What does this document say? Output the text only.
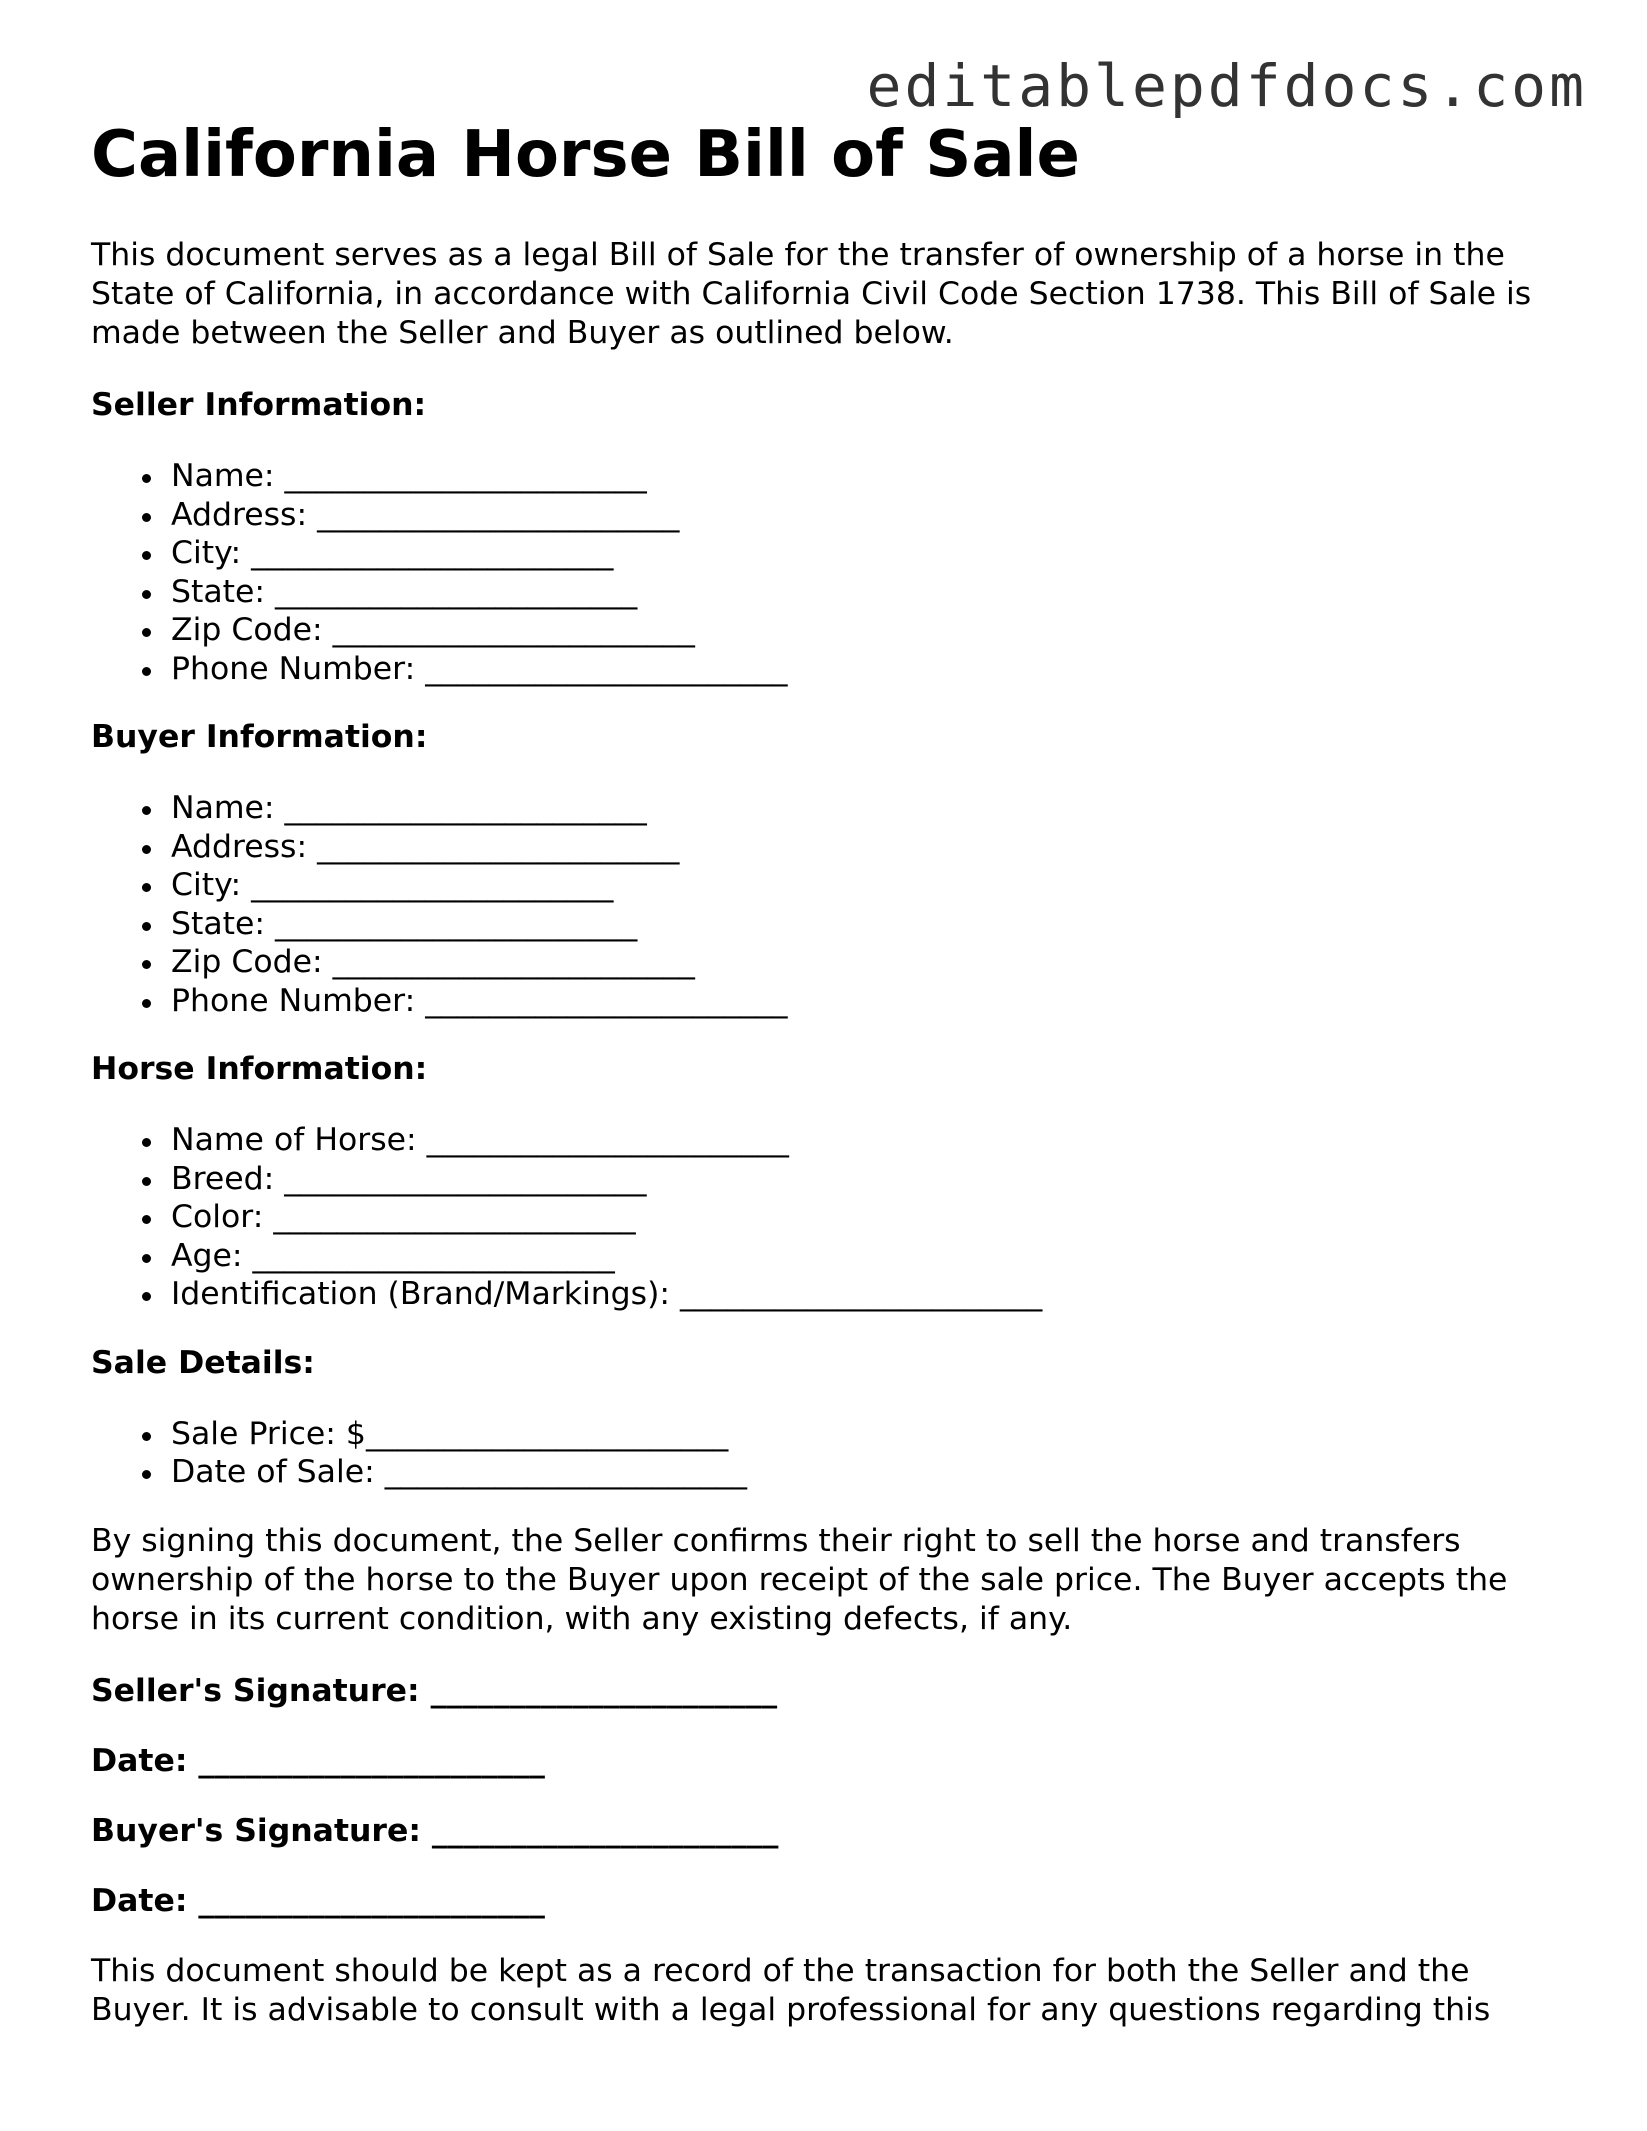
editablepdfdocs.com
California Horse Bill of Sale

This document serves as a legal Bill of Sale for the transfer of ownership of a horse in the State of California, in accordance with California Civil Code Section 1738. This Bill of Sale is made between the Seller and Buyer as outlined below.

Seller Information:
Name: _______________________
Address: _______________________
City: _______________________
State: _______________________
Zip Code: _______________________
Phone Number: _______________________
Buyer Information:
Name: _______________________
Address: _______________________
City: _______________________
State: _______________________
Zip Code: _______________________
Phone Number: _______________________
Horse Information:
Name of Horse: _______________________
Breed: _______________________
Color: _______________________
Age: _______________________
Identification (Brand/Markings): _______________________
Sale Details:
Sale Price: $_______________________
Date of Sale: _______________________

By signing this document, the Seller confirms their right to sell the horse and transfers ownership of the horse to the Buyer upon receipt of the sale price. The Buyer accepts the horse in its current condition, with any existing defects, if any.

Seller's Signature: ______________________
Date: ______________________
Buyer's Signature: ______________________
Date: ______________________

This document should be kept as a record of the transaction for both the Seller and the Buyer. It is advisable to consult with a legal professional for any questions regarding this
